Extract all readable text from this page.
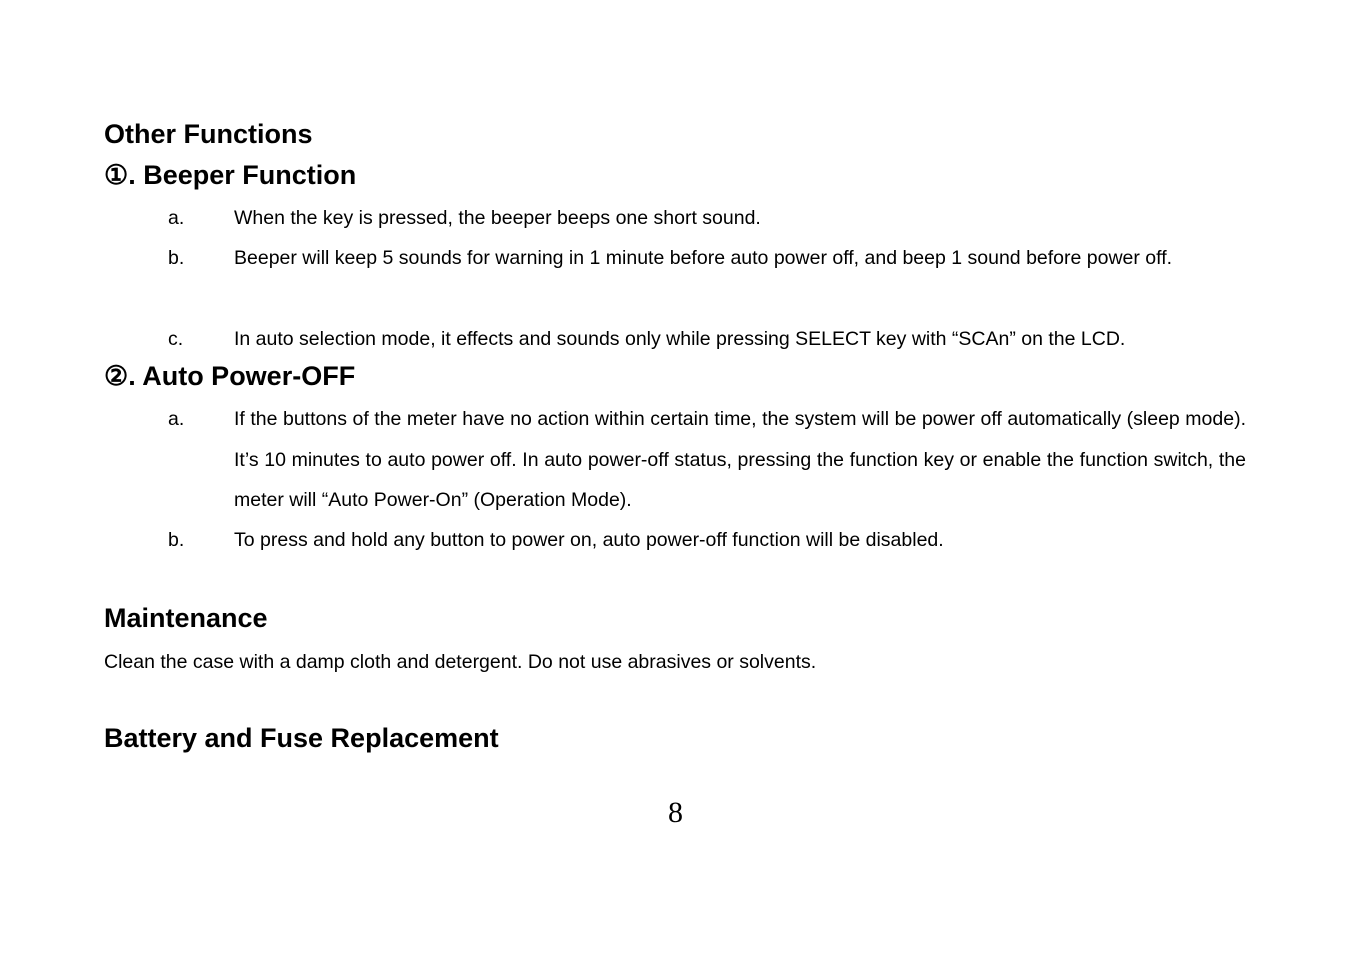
Other Functions
①. Beeper Function
a.	When the key is pressed, the beeper beeps one short sound.
b.	Beeper will keep 5 sounds for warning in 1 minute before auto power off, and beep 1 sound before power off.
c.	In auto selection mode, it effects and sounds only while pressing SELECT key with “SCAn” on the LCD.
②. Auto Power-OFF
a.	If the buttons of the meter have no action within certain time, the system will be power off automatically (sleep mode). It’s 10 minutes to auto power off. In auto power-off status, pressing the function key or enable the function switch, the meter will “Auto Power-On” (Operation Mode).
b.	To press and hold any button to power on, auto power-off function will be disabled.
Maintenance
Clean the case with a damp cloth and detergent. Do not use abrasives or solvents.
Battery and Fuse Replacement
8
